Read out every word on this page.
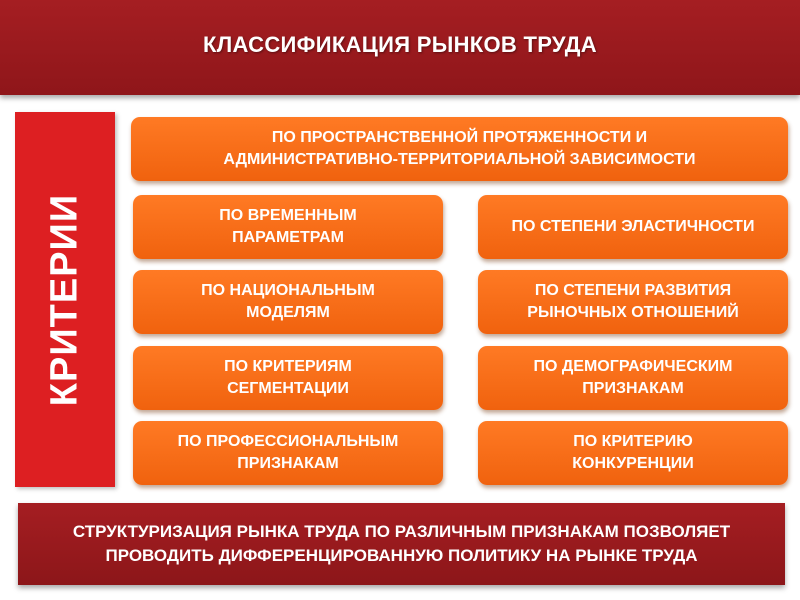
КЛАССИФИКАЦИЯ РЫНКОВ ТРУДА
КРИТЕРИИ
ПО ПРОСТРАНСТВЕННОЙ ПРОТЯЖЕННОСТИ И
АДМИНИСТРАТИВНО-ТЕРРИТОРИАЛЬНОЙ ЗАВИСИМОСТИ
ПО ВРЕМЕННЫМ
ПАРАМЕТРАМ
ПО НАЦИОНАЛЬНЫМ
МОДЕЛЯМ
ПО КРИТЕРИЯМ
СЕГМЕНТАЦИИ
ПО ПРОФЕССИОНАЛЬНЫМ
ПРИЗНАКАМ
ПО СТЕПЕНИ ЭЛАСТИЧНОСТИ
ПО СТЕПЕНИ РАЗВИТИЯ
РЫНОЧНЫХ ОТНОШЕНИЙ
ПО ДЕМОГРАФИЧЕСКИМ
ПРИЗНАКАМ
ПО КРИТЕРИЮ
КОНКУРЕНЦИИ
СТРУКТУРИЗАЦИЯ РЫНКА ТРУДА ПО РАЗЛИЧНЫМ ПРИЗНАКАМ ПОЗВОЛЯЕТ
ПРОВОДИТЬ ДИФФЕРЕНЦИРОВАННУЮ ПОЛИТИКУ НА РЫНКЕ ТРУДА
